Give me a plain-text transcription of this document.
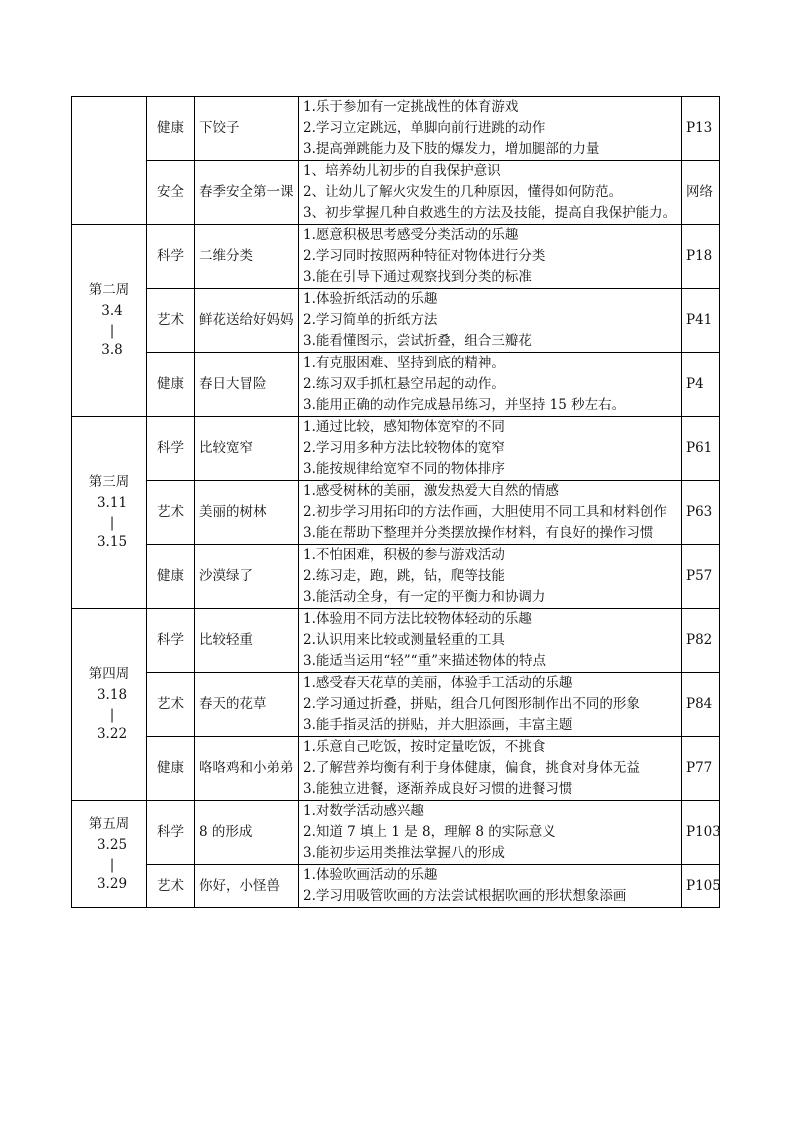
	健康	下饺子	1.乐于参加有一定挑战性的体育游戏
2.学习立定跳远，单脚向前行进跳的动作
3.提高弹跳能力及下肢的爆发力，增加腿部的力量	P13
	安全	春季安全第一课	1、培养幼儿初步的自我保护意识
2、让幼儿了解火灾发生的几种原因，懂得如何防范。
3、初步掌握几种自救逃生的方法及技能，提高自我保护能力。	网络

第二周
3.4
|
3.8	科学	二维分类	1.愿意积极思考感受分类活动的乐趣
2.学习同时按照两种特征对物体进行分类
3.能在引导下通过观察找到分类的标准	P18
	艺术	鲜花送给好妈妈	1.体验折纸活动的乐趣
2.学习简单的折纸方法
3.能看懂图示，尝试折叠，组合三瓣花	P41
	健康	春日大冒险	1.有克服困难、坚持到底的精神。
2.练习双手抓杠悬空吊起的动作。
3.能用正确的动作完成悬吊练习，并坚持 15 秒左右。	P4

第三周
3.11
|
3.15	科学	比较宽窄	1.通过比较，感知物体宽窄的不同
2.学习用多种方法比较物体的宽窄
3.能按规律给宽窄不同的物体排序	P61
	艺术	美丽的树林	1.感受树林的美丽，激发热爱大自然的情感
2.初步学习用拓印的方法作画，大胆使用不同工具和材料创作
3.能在帮助下整理并分类摆放操作材料，有良好的操作习惯	P63
	健康	沙漠绿了	1.不怕困难，积极的参与游戏活动
2.练习走，跑，跳，钻，爬等技能
3.能活动全身，有一定的平衡力和协调力	P57

第四周
3.18
|
3.22	科学	比较轻重	1.体验用不同方法比较物体轻动的乐趣
2.认识用来比较或测量轻重的工具
3.能适当运用“轻”“重”来描述物体的特点	P82
	艺术	春天的花草	1.感受春天花草的美丽，体验手工活动的乐趣
2.学习通过折叠，拼贴，组合几何图形制作出不同的形象
3.能手指灵活的拼贴，并大胆添画，丰富主题	P84
	健康	咯咯鸡和小弟弟	1.乐意自己吃饭，按时定量吃饭，不挑食
2.了解营养均衡有利于身体健康，偏食，挑食对身体无益
3.能独立进餐，逐渐养成良好习惯的进餐习惯	P77

第五周
3.25
|
3.29	科学	8 的形成	1.对数学活动感兴趣
2.知道 7 填上 1 是 8，理解 8 的实际意义
3.能初步运用类推法掌握八的形成	P103
	艺术	你好，小怪兽	1.体验吹画活动的乐趣
2.学习用吸管吹画的方法尝试根据吹画的形状想象添画	P105
